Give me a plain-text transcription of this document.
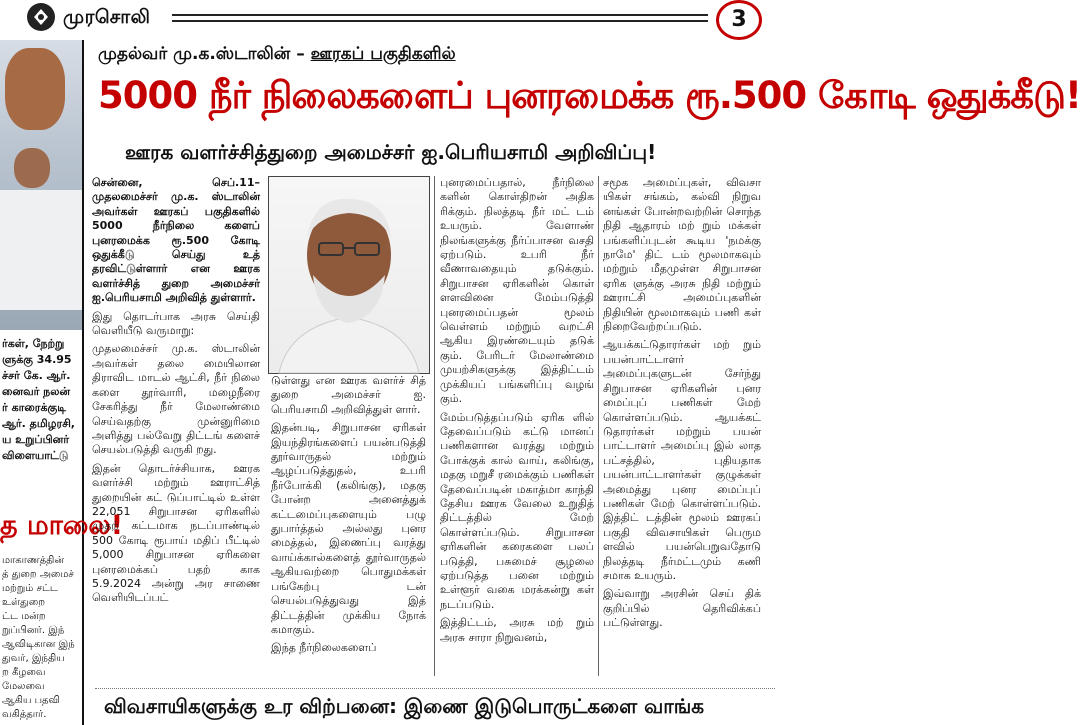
முரசொலி	3
ர்கள், நேற்று
ளுக்கு 34.95
ச்சர் கே. ஆர்.
னைவர் நலன்
ர் காரைக்குடி
ஆர். தமிழரசி,
ய உறுப்பினர்
விளையாட்டு
த மாலை!
மாகாணத்தின்
த் துறை அமைச்
மற்றும் சட்ட
உள்துறை
ட்ட மன்ற
றுப்பினர். இந்
ஆவிடிகான இந்
துவர், இந்திய
ற கீழவை
மேலவை
ஆகிய பதவி
வகித்தார்.
முதல்வர் மு.க.ஸ்டாலின் – ஊரகப் பகுதிகளில்
5000 நீர் நிலைகளைப் புனரமைக்க ரூ.500 கோடி ஒதுக்கீடு!
ஊரக வளர்ச்சித்துறை அமைச்சர் ஐ.பெரியசாமி அறிவிப்பு!

சென்னை, செப்.11– முதலமைச்சர் மு.க. ஸ்டாலின் அவர்கள் ஊரகப் பகுதிகளில் 5000 நீர்நிலை களைப் புனரமைக்க ரூ.500 கோடி ஒதுக்கீடு செய்து உத் தரவிட்டுள்ளார் என ஊரக வளர்ச்சித் துறை அமைச்சர் ஐ.பெரியசாமி அறிவித் துள்ளார்.

இது தொடர்பாக அரசு செய்தி வெளியீடு வருமாறு:

முதலமைச்சர் மு.க. ஸ்டாலின் அவர்கள் தலை மையிலான திராவிட மாடல் ஆட்சி, நீர் நிலை களை தூர்வாரி, மழைநீரை சேகரித்து நீர் மேலாண்மை செய்வதற்கு முன்னுரிமை அளித்து பல்வேறு திட்டங் களைச் செயல்படுத்தி வருகி றது.

இதன் தொடர்ச்சியாக, ஊரக வளர்ச்சி மற்றும் ஊராட்சித் துறையின் கட் டுப்பாட்டில் உள்ள 22,051 சிறுபாசன ஏரிகளில் முதற் கட்டமாக நடப்பாண்டில் 500 கோடி ரூபாய் மதிப் பீட்டில் 5,000 சிறுபாசன ஏரிகளை புனரமைக்கப் பதற் காக 5.9.2024 அன்று அர சாணை வெளியிடப்பட்

டுள்ளது என ஊரக வளர்ச் சித் துறை அமைச்சர் ஐ. பெரியசாமி அறிவித்துள் ளார்.

இதன்படி, சிறுபாசன ஏரிகள் இயந்திரங்களைப் பயன்படுத்தி தூர்வாருதல் மற்றும் ஆழப்படுத்துதல், உபரி நீர்போக்கி (கலிங்கு), மதகு போன்ற அனைத்துக் கட்டமைப்புகளையும் பழு துபார்த்தல் அல்லது புனர மைத்தல், இணைப்பு வரத்து வாய்க்கால்களைத் தூர்வாருதல் ஆகியவற்றை பொதுமக்கள் பங்கேற்பு டன் செயல்படுத்துவது இத் திட்டத்தின் முக்கிய நோக் கமாகும்.

இந்த நீர்நிலைகளைப்

புனரமைப்பதால், நீர்நிலை களின் கொள்திறன் அதிக ரிக்கும். நிலத்தடி நீர் மட் டம் உயரும். வேளாண் நிலங்களுக்கு நீர்ப்பாசன வசதி ஏற்படும். உபரி நீர் வீணாவதையும் தடுக்கும். சிறுபாசன ஏரிகளின் கொள் ளளவினை மேம்படுத்தி புனரமைப்பதன் மூலம் வெள்ளம் மற்றும் வறட்சி ஆகிய இரண்டையும் தடுக் கும். பேரிடர் மேலாண்மை முயற்சிகளுக்கு இத்திட்டம் முக்கியப் பங்களிப்பு வழங் கும்.

மேம்படுத்தப்படும் ஏரிக ளில் தேவைப்படும் கட்டு மானப் பணிகளான வரத்து மற்றும் போக்குக் கால் வாய், கலிங்கு, மதகு மறுசீ ரமைக்கும் பணிகள் தேவைப்படின் மகாத்மா காந்தி தேசிய ஊரக வேலை உறுதித் திட்டத்தில் மேற் கொள்ளப்படும். சிறுபாசன ஏரிகளின் கரைகளை பலப் படுத்தி, பசுமைச் சூழலை ஏற்படுத்த பனை மற்றும் உள்ளூர் வகை மரக்கன்று கள் நடப்படும்.

இத்திட்டம், அரசு மற் றும் அரசு சாரா நிறுவனம்,

சமூக அமைப்புகள், விவசா யிகள் சங்கம், கல்வி நிறுவ னங்கள் போன்றவற்றின் சொந்த நிதி ஆதாரம் மற் றும் மக்கள் பங்களிப்புடன் கூடிய 'நமக்கு நாமே' திட் டம் மூலமாகவும் மற்றும் மீதமுள்ள சிறுபாசன ஏரிக ளுக்கு அரசு நிதி மற்றும் ஊராட்சி அமைப்புகளின் நிதியின் மூலமாகவும் பணி கள் நிறைவேற்றப்படும்.

ஆயக்கட்டுதாரர்கள் மற் றும் பயன்பாட்டாளர் அமைப்புகளுடன் சேர்ந்து சிறுபாசன ஏரிகளின் புனர மைப்புப் பணிகள் மேற் கொள்ளப்படும். ஆயக்கட் டுதாரர்கள் மற்றும் பயன் பாட்டாளர் அமைப்பு இல் லாத பட்சத்தில், புதியதாக பயன்பாட்டாளர்கள் குழுக்கள் அமைத்து புனர மைப்புப் பணிகள் மேற் கொள்ளப்படும். இத்திட் டத்தின் மூலம் ஊரகப் பகுதி விவசாயிகள் பெரும ளவில் பயன்பெறுவதோடு நிலத்தடி நீர்மட்டமும் கணி சமாக உயரும்.

இவ்வாறு அரசின் செய் திக் குறிப்பில் தெரிவிக்கப் பட்டுள்ளது.

விவசாயிகளுக்கு உர விற்பனை: இணை இடுபொருட்களை வாங்க
